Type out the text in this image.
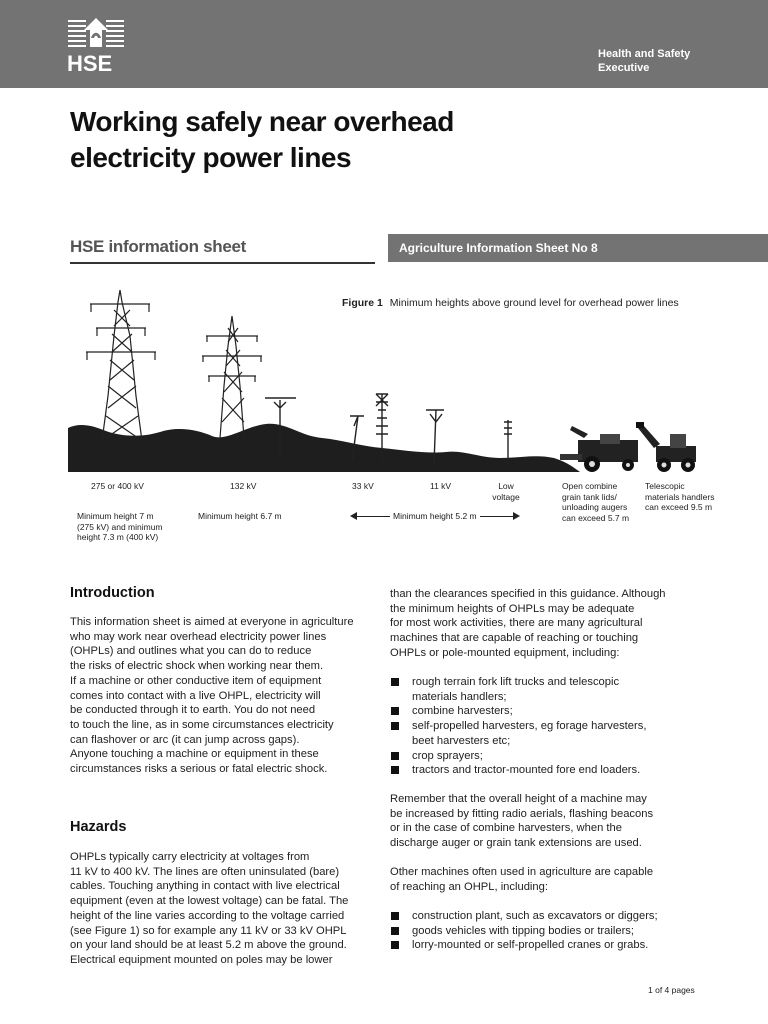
HSE	Health and Safety
Executive
Working safely near overhead
electricity power lines
HSE information sheet	Agriculture Information Sheet No 8
Figure 1 Minimum heights above ground level for overhead power lines
275 or 400 kV	132 kV	33 kV	11 kV	Low
voltage
Open combine
grain tank lids/
unloading augers
can exceed 5.7 m
Telescopic
materials handlers
can exceed 9.5 m
Minimum height 7 m
(275 kV) and minimum
height 7.3 m (400 kV)
Minimum height 6.7 m	Minimum height 5.2 m
Introduction
This information sheet is aimed at everyone in agriculture
who may work near overhead electricity power lines
(OHPLs) and outlines what you can do to reduce
the risks of electric shock when working near them.
If a machine or other conductive item of equipment
comes into contact with a live OHPL, electricity will
be conducted through it to earth. You do not need
to touch the line, as in some circumstances electricity
can flashover or arc (it can jump across gaps).
Anyone touching a machine or equipment in these
circumstances risks a serious or fatal electric shock.
Hazards
OHPLs typically carry electricity at voltages from
11 kV to 400 kV. The lines are often uninsulated (bare)
cables. Touching anything in contact with live electrical
equipment (even at the lowest voltage) can be fatal. The
height of the line varies according to the voltage carried
(see Figure 1) so for example any 11 kV or 33 kV OHPL
on your land should be at least 5.2 m above the ground.
Electrical equipment mounted on poles may be lower
than the clearances specified in this guidance. Although
the minimum heights of OHPLs may be adequate
for most work activities, there are many agricultural
machines that are capable of reaching or touching
OHPLs or pole-mounted equipment, including:
rough terrain fork lift trucks and telescopic
materials handlers;
combine harvesters;
self-propelled harvesters, eg forage harvesters,
beet harvesters etc;
crop sprayers;
tractors and tractor-mounted fore end loaders.
Remember that the overall height of a machine may
be increased by fitting radio aerials, flashing beacons
or in the case of combine harvesters, when the
discharge auger or grain tank extensions are used.
Other machines often used in agriculture are capable
of reaching an OHPL, including:
construction plant, such as excavators or diggers;
goods vehicles with tipping bodies or trailers;
lorry-mounted or self-propelled cranes or grabs.
1 of 4 pages
